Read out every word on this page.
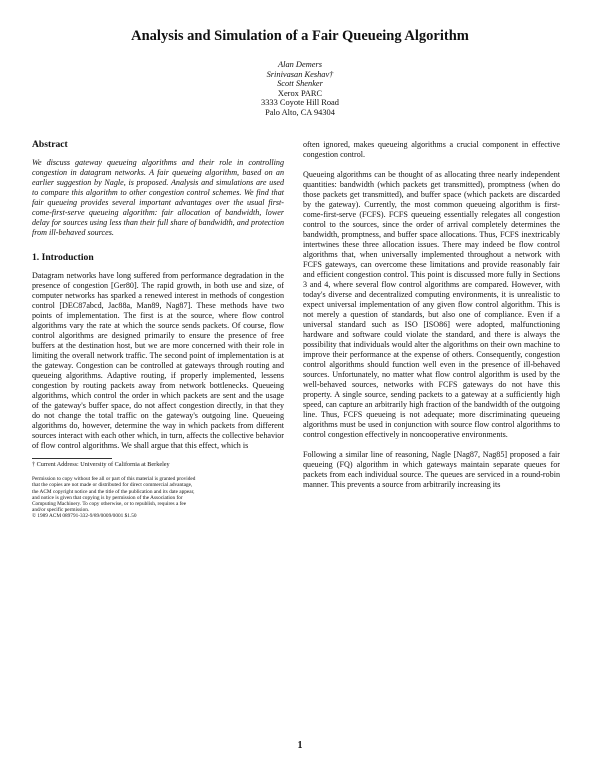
Analysis and Simulation of a Fair Queueing Algorithm
Alan Demers
Srinivasan Keshav†
Scott Shenker
Xerox PARC
3333 Coyote Hill Road
Palo Alto, CA 94304
Abstract

We discuss gateway queueing algorithms and their role in controlling congestion in datagram networks. A fair queueing algorithm, based on an earlier suggestion by Nagle, is proposed. Analysis and simulations are used to compare this algorithm to other congestion control schemes. We find that fair queueing provides several important advantages over the usual first-come-first-serve queueing algorithm: fair allocation of bandwidth, lower delay for sources using less than their full share of bandwidth, and protection from ill-behaved sources.

1. Introduction

Datagram networks have long suffered from performance degradation in the presence of congestion [Ger80]. The rapid growth, in both use and size, of computer networks has sparked a renewed interest in methods of congestion control [DEC87abcd, Jac88a, Man89, Nag87]. These methods have two points of implementation. The first is at the source, where flow control algorithms vary the rate at which the source sends packets. Of course, flow control algorithms are designed primarily to ensure the presence of free buffers at the destination host, but we are more concerned with their role in limiting the overall network traffic. The second point of implementation is at the gateway. Congestion can be controlled at gateways through routing and queueing algorithms. Adaptive routing, if properly implemented, lessens congestion by routing packets away from network bottlenecks. Queueing algorithms, which control the order in which packets are sent and the usage of the gateway's buffer space, do not affect congestion directly, in that they do not change the total traffic on the gateway's outgoing line. Queueing algorithms do, however, determine the way in which packets from different sources interact with each other which, in turn, affects the collective behavior of flow control algorithms. We shall argue that this effect, which is

† Current Address: University of California at Berkeley

Permission to copy without fee all or part of this material is granted provided
that the copies are not made or distributed for direct commercial advantage,
the ACM copyright notice and the title of the publication and its date appear,
and notice is given that copying is by permission of the Association for
Computing Machinery. To copy otherwise, or to republish, requires a fee
and/or specific permission.
© 1989 ACM 089791-332-9/89/0009/0001 $1.50

often ignored, makes queueing algorithms a crucial component in effective congestion control.

Queueing algorithms can be thought of as allocating three nearly independent quantities: bandwidth (which packets get transmitted), promptness (when do those packets get transmitted), and buffer space (which packets are discarded by the gateway). Currently, the most common queueing algorithm is first-come-first-serve (FCFS). FCFS queueing essentially relegates all congestion control to the sources, since the order of arrival completely determines the bandwidth, promptness, and buffer space allocations. Thus, FCFS inextricably intertwines these three allocation issues. There may indeed be flow control algorithms that, when universally implemented throughout a network with FCFS gateways, can overcome these limitations and provide reasonably fair and efficient congestion control. This point is discussed more fully in Sections 3 and 4, where several flow control algorithms are compared. However, with today's diverse and decentralized computing environments, it is unrealistic to expect universal implementation of any given flow control algorithm. This is not merely a question of standards, but also one of compliance. Even if a universal standard such as ISO [ISO86] were adopted, malfunctioning hardware and software could violate the standard, and there is always the possibility that individuals would alter the algorithms on their own machine to improve their performance at the expense of others. Consequently, congestion control algorithms should function well even in the presence of ill-behaved sources. Unfortunately, no matter what flow control algorithm is used by the well-behaved sources, networks with FCFS gateways do not have this property. A single source, sending packets to a gateway at a sufficiently high speed, can capture an arbitrarily high fraction of the bandwidth of the outgoing line. Thus, FCFS queueing is not adequate; more discriminating queueing algorithms must be used in conjunction with source flow control algorithms to control congestion effectively in noncooperative environments.

Following a similar line of reasoning, Nagle [Nag87, Nag85] proposed a fair queueing (FQ) algorithm in which gateways maintain separate queues for packets from each individual source. The queues are serviced in a round-robin manner. This prevents a source from arbitrarily increasing its

1
